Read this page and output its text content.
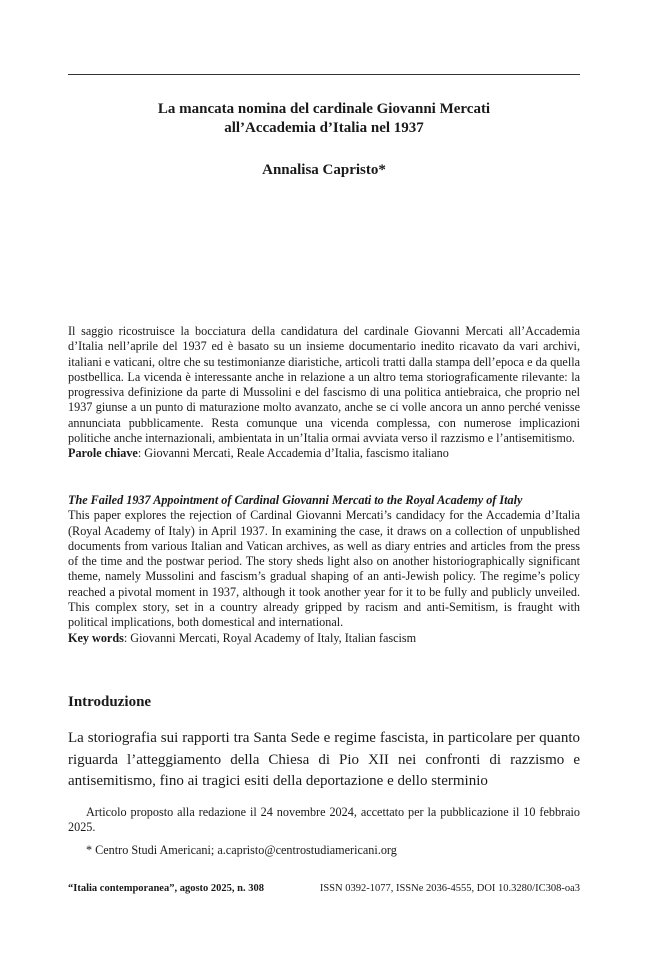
La mancata nomina del cardinale Giovanni Mercati
all’Accademia d’Italia nel 1937
Annalisa Capristo*
Il saggio ricostruisce la bocciatura della candidatura del cardinale Giovanni Mercati all’Accademia d’Italia nell’aprile del 1937 ed è basato su un insieme documentario inedito ricavato da vari archivi, italiani e vaticani, oltre che su testimonianze diaristiche, articoli tratti dalla stampa dell’epoca e da quella postbellica. La vicenda è interessante anche in relazione a un altro tema storiograficamente rilevante: la progressiva definizione da parte di Mussolini e del fascismo di una politica antiebraica, che proprio nel 1937 giunse a un punto di maturazione molto avanzato, anche se ci volle ancora un anno perché venisse annunciata pubblicamente. Resta comunque una vicenda complessa, con numerose implicazioni politiche anche internazionali, ambientata in un’Italia ormai avviata verso il razzismo e l’antisemitismo.
Parole chiave: Giovanni Mercati, Reale Accademia d’Italia, fascismo italiano
The Failed 1937 Appointment of Cardinal Giovanni Mercati to the Royal Academy of Italy
This paper explores the rejection of Cardinal Giovanni Mercati’s candidacy for the Accademia d’Italia (Royal Academy of Italy) in April 1937. In examining the case, it draws on a collection of unpublished documents from various Italian and Vatican archives, as well as diary entries and articles from the press of the time and the postwar period. The story sheds light also on another historiographically significant theme, namely Mussolini and fascism’s gradual shaping of an anti-Jewish policy. The regime’s policy reached a pivotal moment in 1937, although it took another year for it to be fully and publicly unveiled. This complex story, set in a country already gripped by racism and anti-Semitism, is fraught with political implications, both domestical and international.
Key words: Giovanni Mercati, Royal Academy of Italy, Italian fascism
Introduzione
La storiografia sui rapporti tra Santa Sede e regime fascista, in particolare per quanto riguarda l’atteggiamento della Chiesa di Pio XII nei confronti di razzismo e antisemitismo, fino ai tragici esiti della deportazione e dello sterminio
Articolo proposto alla redazione il 24 novembre 2024, accettato per la pubblicazione il 10 febbraio 2025.
* Centro Studi Americani; a.capristo@centrostudiamericani.org
“Italia contemporanea”, agosto 2025, n. 308	ISSN 0392-1077, ISSNe 2036-4555, DOI 10.3280/IC308-oa3
